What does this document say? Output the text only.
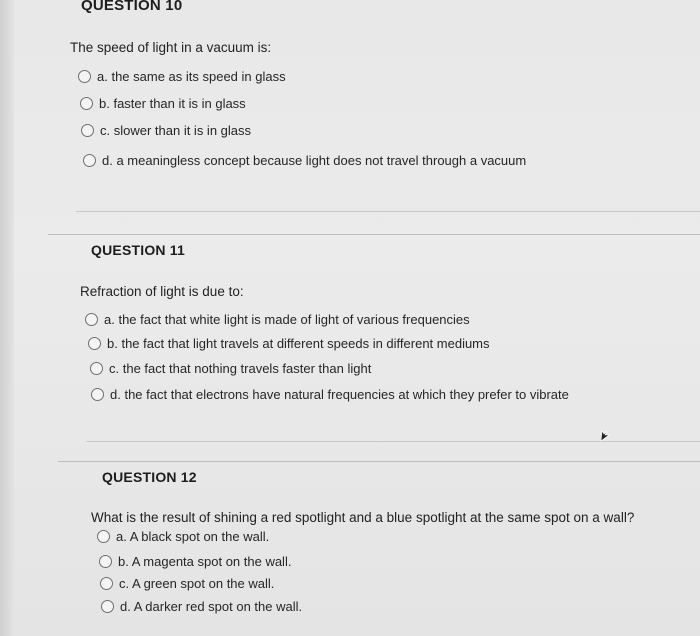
QUESTION 10
The speed of light in a vacuum is:
a. the same as its speed in glass
b. faster than it is in glass
c. slower than it is in glass
d. a meaningless concept because light does not travel through a vacuum
QUESTION 11
Refraction of light is due to:
a. the fact that white light is made of light of various frequencies
b. the fact that light travels at different speeds in different mediums
c. the fact that nothing travels faster than light
d. the fact that electrons have natural frequencies at which they prefer to vibrate
QUESTION 12
What is the result of shining a red spotlight and a blue spotlight at the same spot on a wall?
a. A black spot on the wall.
b. A magenta spot on the wall.
c. A green spot on the wall.
d. A darker red spot on the wall.
